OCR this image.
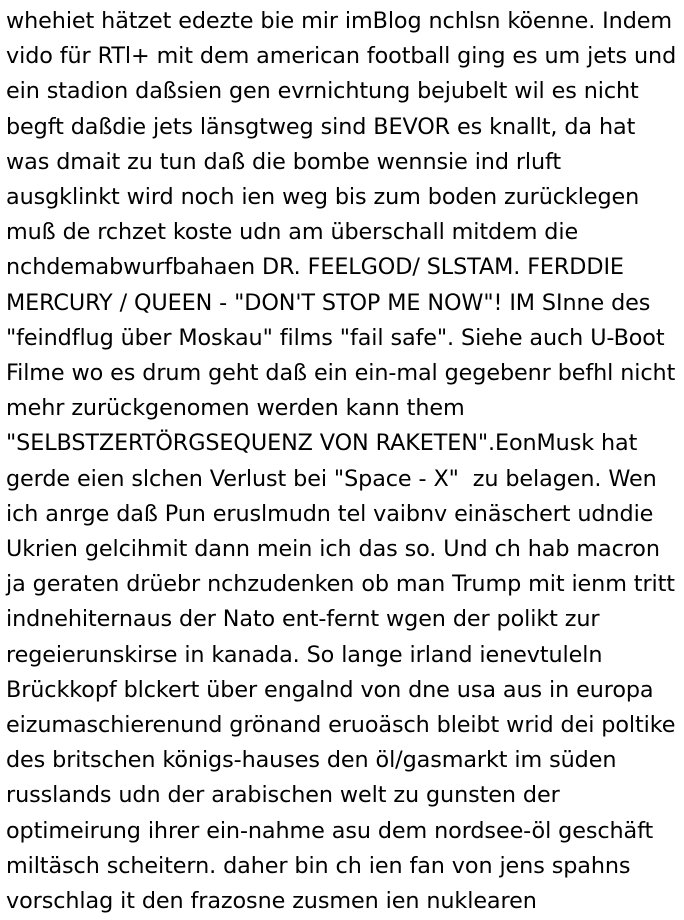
whehiet hätzet edezte bie mir imBlog nchlsn köenne. Indem vido für RTl+ mit dem american football ging es um jets und ein stadion daßsien gen evrnichtung bejubelt wil es nicht begft daßdie jets länsgtweg sind BEVOR es knallt, da hat was dmait zu tun daß die bombe wennsie ind rluft ausgklinkt wird noch ien weg bis zum boden zurücklegen muß de rchzet koste udn am überschall mitdem die nchdemabwurfbahaen DR. FEELGOD/ SLSTAM. FERDDIE MERCURY / QUEEN - "DON'T STOP ME NOW"! IM SInne des "feindflug über Moskau" films "fail safe". Siehe auch U-Boot Filme wo es drum geht daß ein ein-mal gegebenr befhl nicht mehr zurückgenomen werden kann them "SELBSTZERTÖRGSEQUENZ VON RAKETEN".EonMusk hat gerde eien slchen Verlust bei "Space - X"  zu belagen. Wen ich anrge daß Pun eruslmudn tel vaibnv einäschert udndie Ukrien gelcihmit dann mein ich das so. Und ch hab macron ja geraten drüebr nchzudenken ob man Trump mit ienm tritt indnehiternaus der Nato ent-fernt wgen der polikt zur regeierunskirse in kanada. So lange irland ienevtuleln Brückkopf blckert über engalnd von dne usa aus in europa eizumaschierenund grönand eruoäsch bleibt wrid dei poltike des britschen königs-hauses den öl/gasmarkt im süden russlands udn der arabischen welt zu gunsten der optimeirung ihrer ein-nahme asu dem nordsee-öl geschäft miltäsch scheitern. daher bin ch ien fan von jens spahns vorschlag it den frazosne zusmen ien nuklearen
